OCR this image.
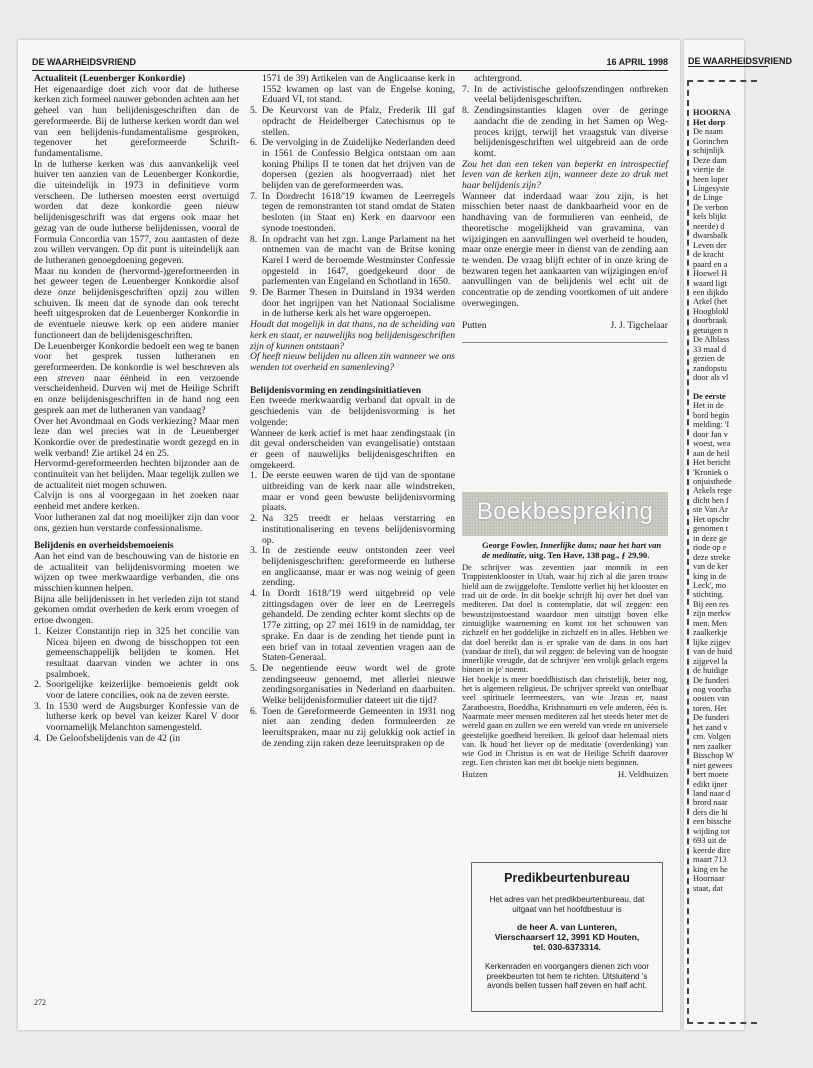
DE WAARHEIDSVRIEND	16 APRIL 1998

Actualiteit (Leuenberger Konkordie)

Het eigenaardige doet zich voor dat de lutherse kerken zich formeel nauwer gebonden achten aan het geheel van hun belijdenisgeschriften dan de gereformeerde. Bij de lutherse kerken wordt dan wel van een belijdenis-fundamentalisme gesproken, tegenover het gereformeerde Schrift-fundamentalisme.

In de lutherse kerken was dus aanvankelijk veel huiver ten aanzien van de Leuenberger Konkordie, die uiteindelijk in 1973 in definitieve vorm verscheen. De luthersen moesten eerst overtuigd worden dat deze konkordie geen nieuw belijdenisgeschrift was dat ergens ook maar het gezag van de oude lutherse belijdenissen, vooral de Formula Concordia van 1577, zou aantasten of deze zou willen vervangen. Op dit punt is uiteindelijk aan de lutheranen genoegdoening gegeven.

Maar nu konden de (hervormd-)gereformeerden in het geweer tegen de Leuenberger Konkordie alsof deze onze belijdenisgeschriften opzij zou willen schuiven. Ik meen dat de synode dan ook terecht heeft uitgesproken dat de Leuenberger Konkordie in de eventuele nieuwe kerk op een andere manier functioneert dan de belijdenisgeschriften.

De Leuenberger Konkordie bedoelt een weg te banen voor het gesprek tussen lutheranen en gereformeerden. De konkordie is wel beschreven als een streven naar éénheid in een verzoende verscheidenheid. Durven wij met de Heilige Schrift en onze belijdenisgeschriften in de hand nog een gesprek aan met de lutheranen van vandaag?

Over het Avondmaal en Gods verkiezing? Maar men leze dan wel precies wat in de Leuenberger Konkordie over de predestinatie wordt gezegd en in welk verband! Zie artikel 24 en 25.

Hervormd-gereformeerden hechten bijzonder aan de continuïteit van het belijden. Maar tegelijk zullen we de actualiteit niet mogen schuwen.

Calvijn is ons al voorgegaan in het zoeken naar eenheid met andere kerken.

Voor lutheranen zal dat nog moeilijker zijn dan voor ons, gezien hun verstarde confessionalisme.

Belijdenis en overheidsbemoeienis

Aan het eind van de beschouwing van de historie en de actualiteit van belijdenisvorming moeten we wijzen op twee merkwaardige verbanden, die ons misschien kunnen helpen.

Bijna alle belijdenissen in het verleden zijn tot stand gekomen omdat overheden de kerk erom vroegen of ertoe dwongen.

1. Keizer Constantijn riep in 325 het concilie van Nicea bijeen en dwong de bisschoppen tot een gemeenschappelijk belijden te komen. Het resultaat daarvan vinden we achter in ons psalmboek.
2. Soortgelijke keizerlijke bemoeienis geldt ook voor de latere concilies, ook na de zeven eerste.
3. In 1530 werd de Augsburger Konfessie van de lutherse kerk op bevel van keizer Karel V door voornamelijk Melanchton samengesteld.
4. De Geloofsbelijdenis van de 42 (in
1571 de 39) Artikelen van de Anglicaanse kerk in 1552 kwamen op last van de Engelse koning, Eduard VI, tot stand.
5. De Keurvorst van de Pfalz, Frederik III gaf opdracht de Heidelberger Catechismus op te stellen.
6. De vervolging in de Zuidelijke Nederlanden deed in 1561 de Confessio Belgica ontstaan om aan koning Philips II te tonen dat het drijven van de dopersen (gezien als hoogverraad) niet het belijden van de gereformeerden was.
7. In Dordrecht 1618/'19 kwamen de Leerregels tegen de remonstranten tot stand omdat de Staten besloten (in Staat en) Kerk en daarvoor een synode toestonden.
8. In opdracht van het zgn. Lange Parlament na het ontnemen van de macht van de Britse koning Karel I werd de beroemde Westminster Confessie opgesteld in 1647, goedgekeurd door de parlementen van Engeland en Schotland in 1650.
9. De Barmer Thesen in Duitsland in 1934 werden door het ingrijpen van het Nationaal Socialisme in de lutherse kerk als het ware opgeroepen.

Houdt dat mogelijk in dat thans, na de scheiding van kerk en staat, er nauwelijks nog belijdenisgeschriften zijn of kunnen ontstaan?

Of heeft nieuw belijden nu alleen zin wanneer we ons wenden tot overheid en samenleving?

Belijdenisvorming en zendingsinitiatieven

Een tweede merkwaardig verband dat opvalt in de geschiedenis van de belijdenisvorming is het volgende:

Wanneer de kerk actief is met haar zendingstaak (in dit geval onderscheiden van evangelisatie) ontstaan er geen of nauwelijks belijdenisgeschriften en omgekeerd.

1. De eerste eeuwen waren de tijd van de spontane uitbreiding van de kerk naar alle windstreken, maar er vond geen bewuste belijdenisvorming plaats.
2. Na 325 treedt er helaas verstarring en institutionalisering en tevens belijdenisvorming op.
3. In de zestiende eeuw ontstonden zeer veel belijdenisgeschriften: gereformeerde en lutherse en anglicaanse, maar er was nog weinig of geen zending.
4. In Dordt 1618/'19 werd uitgebreid op vele zittingsdagen over de leer en de Leerregels gehandeld. De zending echter komt slechts op de 177e zitting, op 27 mei 1619 in de namiddag, ter sprake. En daar is de zending het tiende punt in een brief van in totaal zeventien vragen aan de Staten-Generaal.
5. De negentiende eeuw wordt wel de grote zendingseeuw genoemd, met allerlei nieuwe zendingsorganisaties in Nederland en daarbuiten. Welke belijdenisformulier dateert uit die tijd?
6. Toen de Gereformeerde Gemeenten in 1931 nog niet aan zending deden formuleerden ze leeruitspraken, maar nu zij gelukkig ook actief in de zending zijn raken deze leeruitspraken op de
achtergrond.
7. In de activistische geloofszendingen ontbreken veelal belijdenisgeschriften.
8. Zendingsinstanties klagen over de geringe aandacht die de zending in het Samen op Weg-proces krijgt, terwijl het vraagstuk van diverse belijdenisgeschriften wel uitgebreid aan de orde komt.

Zou het dan een teken van beperkt en introspectief leven van de kerken zijn, wanneer deze zo druk met haar belijdenis zijn?

Wanneer dat inderdaad waar zou zijn, is het misschien beter naast de dankbaarheid voor en de handhaving van de formulieren van eenheid, de theoretische mogelijkheid van gravamina, van wijzigingen en aanvullingen wel overheid te houden, maar onze energie meer in dienst van de zending aan te wenden. De vraag blijft echter of in onze kring de bezwaren tegen het aankaarten van wijzigingen en/of aanvullingen van de belijdenis wel echt uit de concentratie op de zending voortkomen of uit andere overwegingen.

Putten	J. J. Tigchelaar
Boekbespreking

George Fowler, Innerlijke dans; naar het hart van de meditatie, uitg. Ten Have, 138 pag., ƒ 29,90.

De schrijver was zeventien jaar monnik in een Trappistenklooster in Utah, waar hij zich al die jaren trouw hield aan de zwijggelofte. Tenslotte verliet hij het klooster en trad uit de orde. In dit boekje schrijft hij over het doel van mediteren. Dat doel is contemplatie, dat wil zeggen: een bewustzijnstoestand waardoor men uitstijgt boven elke zintuiglijke waarneming en komt tot het schouwen van zichzelf en het goddelijke in zichzelf en in alles. Hebben we dat doel bereikt dan is er sprake van de dans in ons hart (vandaar de titel), dat wil zeggen: de beleving van de hoogste innerlijke vreugde, dat de schrijver 'een vrolijk gelach ergens binnen in je' noemt.

Het boekje is meer boeddhistisch dan christelijk, beter nog, het is algemeen religieus. De schrijver spreekt van ontelbaar veel spirituele leermeesters, van wie Jezus er, naast Zarathoestra, Boeddha, Krishnamurti en vele anderen, één is. Naarmate meer mensen mediteren zal het steeds beter met de wereld gaan en zullen we een wereld van vrede en universele geestelijke goedheid bereiken. Ik geloof daar helemaal niets van. Ik houd het liever op de meditatie (overdenking) van wie God in Christus is en wat de Heilige Schrift daarover zegt. Een christen kan met dit boekje niets beginnen.

Huizen	H. Veldhuizen
Predikbeurtenbureau
Het adres van het predikbeurtenbureau, dat uitgaat van het hoofdbestuur is
de heer A. van Lunteren,
Vierschaarserf 12, 3991 KD Houten,
tel. 030-6373314.
Kerkenraden en voorgangers dienen zich voor preekbeurten tot hem te richten. Uitsluitend 's avonds bellen tussen half zeven en half acht.
272
DE WAARHEIDSVRIEND

HOORNA
Het dorp
De naam
Gorinchen
schijnlijk
Deze dam
viertje de
heen loper
Lingesyste
de Linge
De verbon
kels blijkt
neerde) d
dwarsbalk
Leven der
de kracht
paard en a
Hoewel H
waard ligt
een dijkdo
Arkel (het
Hoogblokl
doorbraak
getuigen n
De Alblass
33 maal d
gezien de
zandopstu
door als vl

De eerste
Het in de
bord begin
melding: 'I
door Jan v
woest, wea
aan de heil
Het bericht
'Kroniek o
onjuisthede
Arkels rege
dicht hen f
ste Van Ar
Het opschr
genomen t
in deze ge
riode op e
deze streke
van de ker
king in de
Leck', mo
stichting.
Bij een res
zijn merkw
men. Men
zaalkerkje
lijke zijgev
van de huid
zijgevel la
de huidige
De funderi
nog voorha
oosten van
toren. Het
De funderi
het zand v
cm. Volgen
nen zaalker
Bisschop W
niet gewees
bert moete
edikt ijner
land naar d
brord naar
ders die hi
een bissche
wijding tot
693 uit de
keerde dire
maart 713
king en he
Hoornaar
staat, dat
